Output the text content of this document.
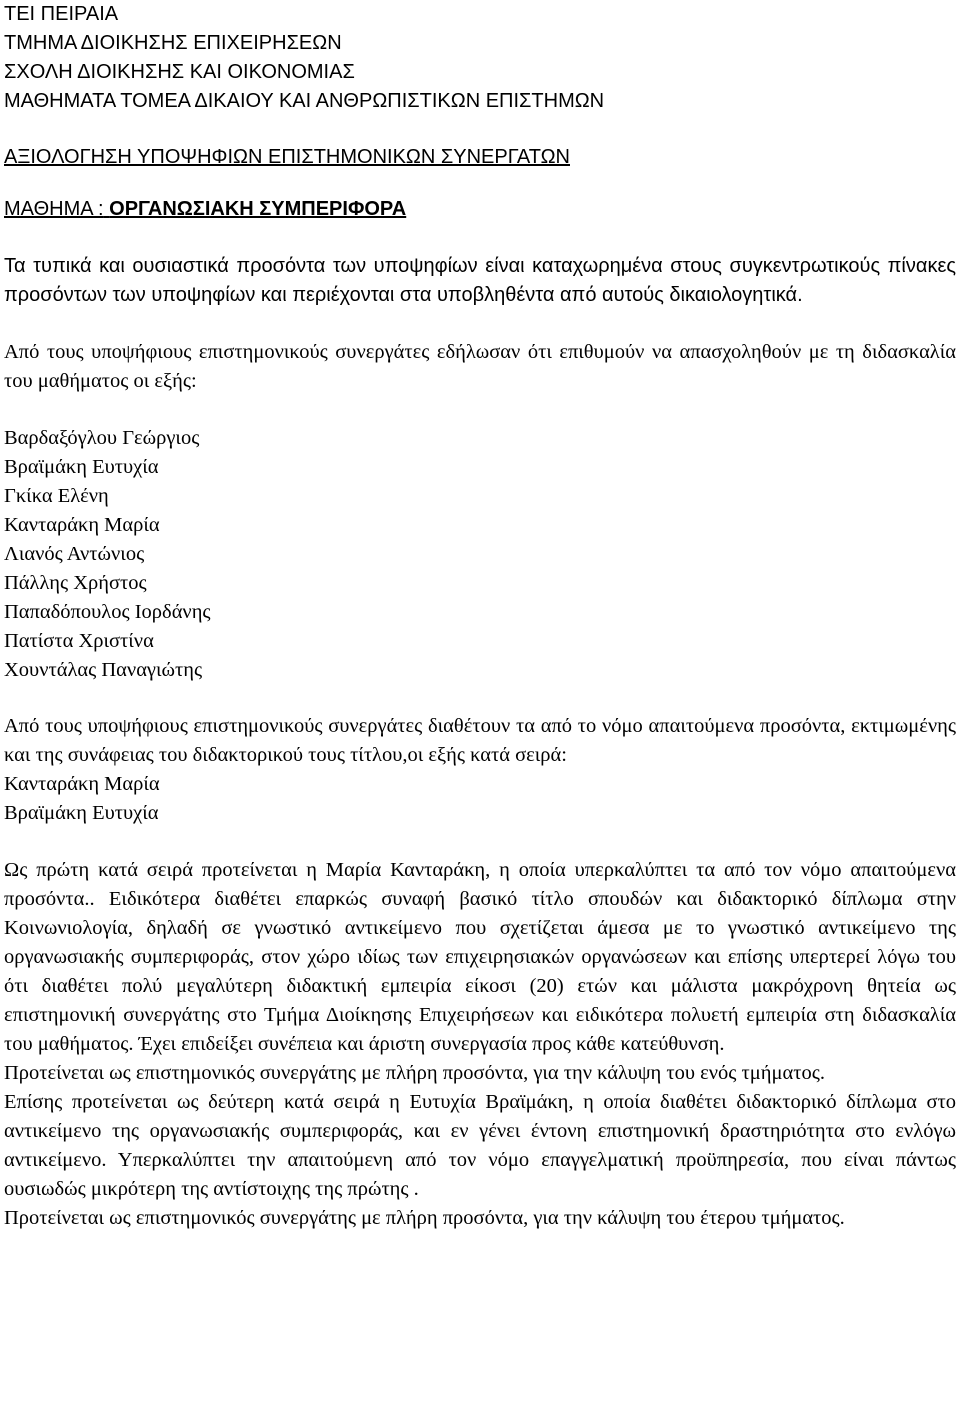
ΤΕΙ ΠΕΙΡΑΙΑ
ΤΜΗΜΑ ΔΙΟΙΚΗΣΗΣ ΕΠΙΧΕΙΡΗΣΕΩΝ
ΣΧΟΛΗ ΔΙΟΙΚΗΣΗΣ ΚΑΙ ΟΙΚΟΝΟΜΙΑΣ
ΜΑΘΗΜΑΤΑ ΤΟΜΕΑ ΔΙΚΑΙΟΥ ΚΑΙ ΑΝΘΡΩΠΙΣΤΙΚΩΝ ΕΠΙΣΤΗΜΩΝ
ΑΞΙΟΛΟΓΗΣΗ ΥΠΟΨΗΦΙΩΝ ΕΠΙΣΤΗΜΟΝΙΚΩΝ ΣΥΝΕΡΓΑΤΩΝ
ΜΑΘΗΜΑ : ΟΡΓΑΝΩΣΙΑΚΗ ΣΥΜΠΕΡΙΦΟΡΑ

Τα τυπικά και ουσιαστικά προσόντα των υποψηφίων είναι καταχωρημένα στους συγκεντρωτικούς πίνακες προσόντων των υποψηφίων και περιέχονται στα υποβληθέντα από αυτούς δικαιολογητικά.

Από τους υποψήφιους επιστημονικούς συνεργάτες εδήλωσαν ότι επιθυμούν να απασχοληθούν με τη διδασκαλία του μαθήματος οι εξής:

Βαρδαξόγλου Γεώργιος
Βραϊμάκη Ευτυχία
Γκίκα Ελένη
Κανταράκη Μαρία
Λιανός Αντώνιος
Πάλλης Χρήστος
Παπαδόπουλος Ιορδάνης
Πατίστα Χριστίνα
Χουντάλας Παναγιώτης

Από τους υποψήφιους επιστημονικούς συνεργάτες διαθέτουν τα από το νόμο απαιτούμενα προσόντα, εκτιμωμένης και της συνάφειας του διδακτορικού τους τίτλου,οι εξής κατά σειρά:

Κανταράκη Μαρία
Βραϊμάκη Ευτυχία

Ως πρώτη κατά σειρά προτείνεται η Μαρία Κανταράκη, η οποία υπερκαλύπτει τα από τον νόμο απαιτούμενα προσόντα.. Ειδικότερα διαθέτει επαρκώς συναφή βασικό τίτλο σπουδών και διδακτορικό δίπλωμα στην Κοινωνιολογία, δηλαδή σε γνωστικό αντικείμενο που σχετίζεται άμεσα με το γνωστικό αντικείμενο της οργανωσιακής συμπεριφοράς, στον χώρο ιδίως των επιχειρησιακών οργανώσεων και επίσης υπερτερεί λόγω του ότι διαθέτει πολύ μεγαλύτερη διδακτική εμπειρία είκοσι (20) ετών και μάλιστα μακρόχρονη θητεία ως επιστημονική συνεργάτης στο Τμήμα Διοίκησης Επιχειρήσεων και ειδικότερα πολυετή εμπειρία στη διδασκαλία του μαθήματος. Έχει επιδείξει συνέπεια και άριστη συνεργασία προς κάθε κατεύθυνση.

Προτείνεται ως επιστημονικός συνεργάτης με πλήρη προσόντα, για την κάλυψη του ενός τμήματος.

Επίσης προτείνεται ως δεύτερη κατά σειρά η Ευτυχία Βραϊμάκη, η οποία διαθέτει διδακτορικό δίπλωμα στο αντικείμενο της οργανωσιακής συμπεριφοράς, και εν γένει έντονη επιστημονική δραστηριότητα στο ενλόγω αντικείμενο. Υπερκαλύπτει την απαιτούμενη από τον νόμο επαγγελματική προϋπηρεσία, που είναι πάντως ουσιωδώς μικρότερη της αντίστοιχης της πρώτης .

Προτείνεται ως επιστημονικός συνεργάτης με πλήρη προσόντα, για την κάλυψη του έτερου τμήματος.
